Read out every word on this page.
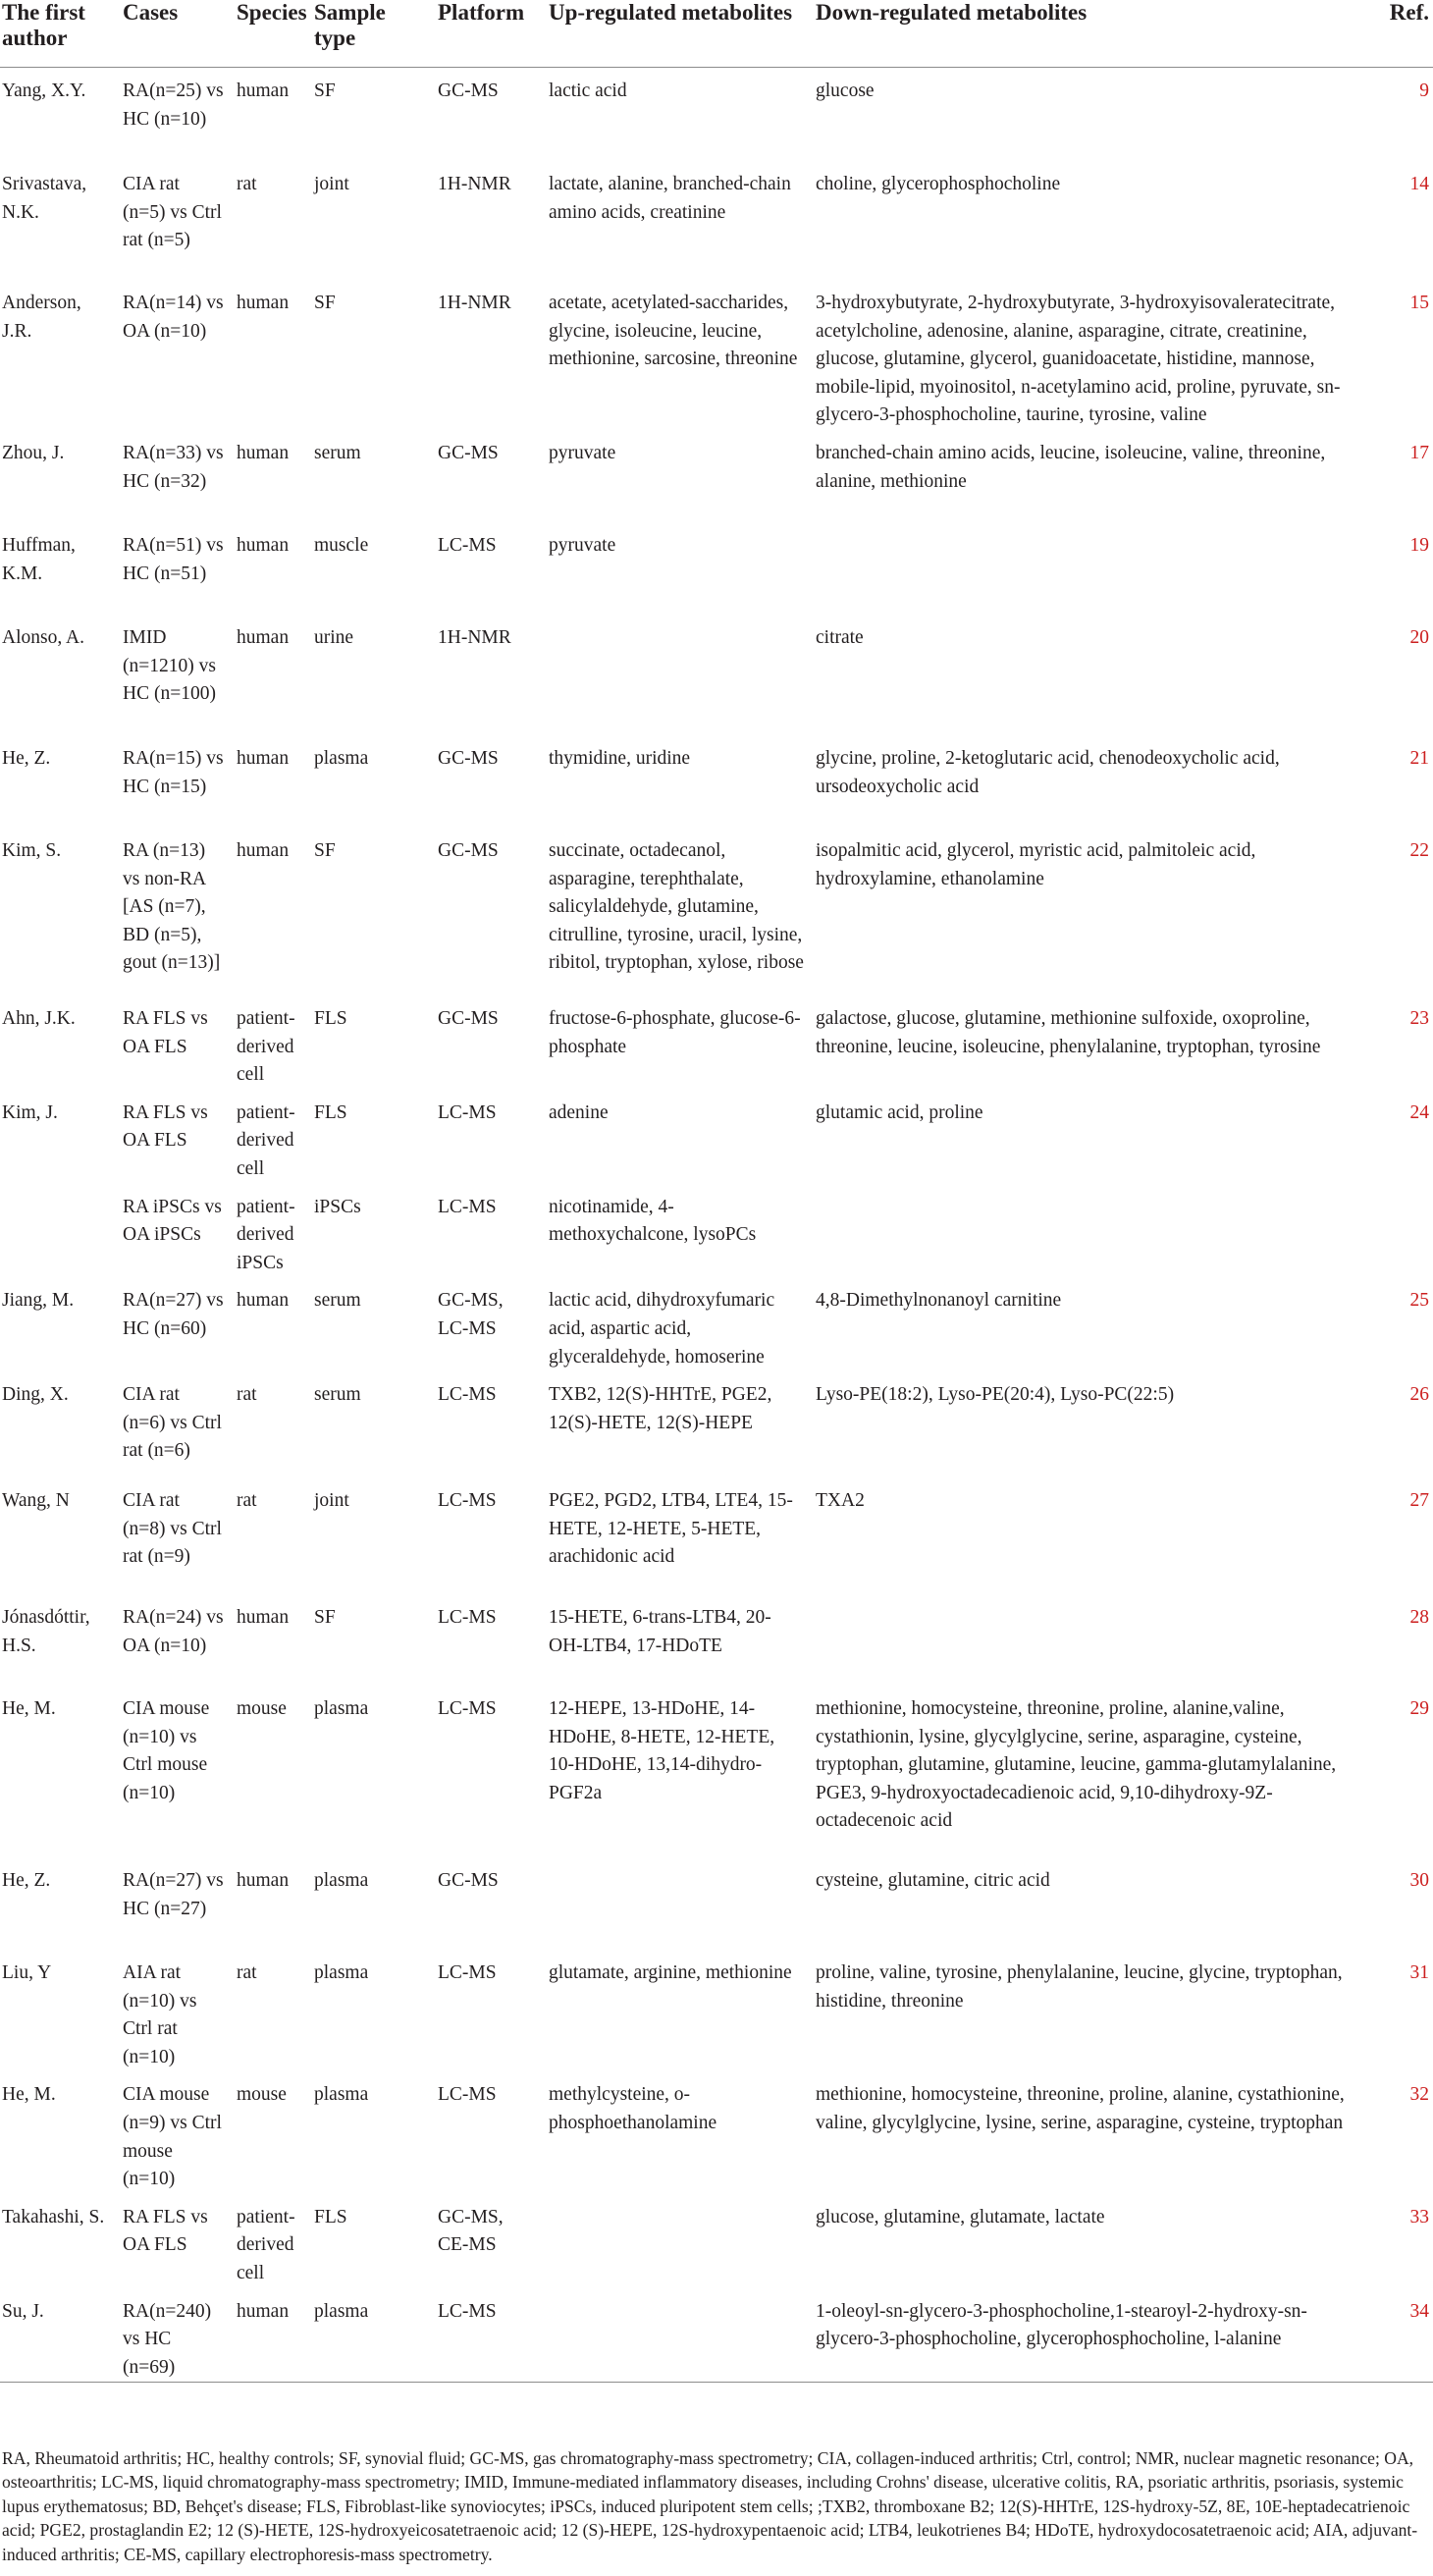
The first author	Cases	Species	Sample type	Platform	Up-regulated metabolites	Down-regulated metabolites	Ref.
Yang, X.Y.	RA(n=25) vs HC (n=10)	human	SF	GC-MS	lactic acid	glucose	9
Srivastava, N.K.	CIA rat (n=5) vs Ctrl rat (n=5)	rat	joint	1H-NMR	lactate, alanine, branched-chain amino acids, creatinine	choline, glycerophosphocholine	14
Anderson, J.R.	RA(n=14) vs OA (n=10)	human	SF	1H-NMR	acetate, acetylated-saccharides, glycine, isoleucine, leucine, methionine, sarcosine, threonine	3-hydroxybutyrate, 2-hydroxybutyrate, 3-hydroxyisovaleratecitrate, acetylcholine, adenosine, alanine, asparagine, citrate, creatinine, glucose, glutamine, glycerol, guanidoacetate, histidine, mannose, mobile-lipid, myoinositol, n-acetylamino acid, proline, pyruvate, sn-glycero-3-phosphocholine, taurine, tyrosine, valine	15
Zhou, J.	RA(n=33) vs HC (n=32)	human	serum	GC-MS	pyruvate	branched-chain amino acids, leucine, isoleucine, valine, threonine, alanine, methionine	17
Huffman, K.M.	RA(n=51) vs HC (n=51)	human	muscle	LC-MS	pyruvate		19
Alonso, A.	IMID (n=1210) vs HC (n=100)	human	urine	1H-NMR		citrate	20
He, Z.	RA(n=15) vs HC (n=15)	human	plasma	GC-MS	thymidine, uridine	glycine, proline, 2-ketoglutaric acid, chenodeoxycholic acid, ursodeoxycholic acid	21
Kim, S.	RA (n=13) vs non-RA [AS (n=7), BD (n=5), gout (n=13)]	human	SF	GC-MS	succinate, octadecanol, asparagine, terephthalate, salicylaldehyde, glutamine, citrulline, tyrosine, uracil, lysine, ribitol, tryptophan, xylose, ribose	isopalmitic acid, glycerol, myristic acid, palmitoleic acid, hydroxylamine, ethanolamine	22
Ahn, J.K.	RA FLS vs OA FLS	patient-derived cell	FLS	GC-MS	fructose-6-phosphate, glucose-6-phosphate	galactose, glucose, glutamine, methionine sulfoxide, oxoproline, threonine, leucine, isoleucine, phenylalanine, tryptophan, tyrosine	23
Kim, J.	RA FLS vs OA FLS	patient-derived cell	FLS	LC-MS	adenine	glutamic acid, proline	24
	RA iPSCs vs OA iPSCs	patient-derived iPSCs	iPSCs	LC-MS	nicotinamide, 4-methoxychalcone, lysoPCs		
Jiang, M.	RA(n=27) vs HC (n=60)	human	serum	GC-MS, LC-MS	lactic acid, dihydroxyfumaric acid, aspartic acid, glyceraldehyde, homoserine	4,8-Dimethylnonanoyl carnitine	25
Ding, X.	CIA rat (n=6) vs Ctrl rat (n=6)	rat	serum	LC-MS	TXB2, 12(S)-HHTrE, PGE2, 12(S)-HETE, 12(S)-HEPE	Lyso-PE(18:2), Lyso-PE(20:4), Lyso-PC(22:5)	26
Wang, N	CIA rat (n=8) vs Ctrl rat (n=9)	rat	joint	LC-MS	PGE2, PGD2, LTB4, LTE4, 15-HETE, 12-HETE, 5-HETE, arachidonic acid	TXA2	27
Jónasdóttir, H.S.	RA(n=24) vs OA (n=10)	human	SF	LC-MS	15-HETE, 6-trans-LTB4, 20-OH-LTB4, 17-HDoTE		28
He, M.	CIA mouse (n=10) vs Ctrl mouse (n=10)	mouse	plasma	LC-MS	12-HEPE, 13-HDoHE, 14-HDoHE, 8-HETE, 12-HETE, 10-HDoHE, 13,14-dihydro-PGF2a	methionine, homocysteine, threonine, proline, alanine,valine, cystathionin, lysine, glycylglycine, serine, asparagine, cysteine, tryptophan, glutamine, glutamine, leucine, gamma-glutamylalanine, PGE3, 9-hydroxyoctadecadienoic acid, 9,10-dihydroxy-9Z-octadecenoic acid	29
He, Z.	RA(n=27) vs HC (n=27)	human	plasma	GC-MS		cysteine, glutamine, citric acid	30
Liu, Y	AIA rat (n=10) vs Ctrl rat (n=10)	rat	plasma	LC-MS	glutamate, arginine, methionine	proline, valine, tyrosine, phenylalanine, leucine, glycine, tryptophan, histidine, threonine	31
He, M.	CIA mouse (n=9) vs Ctrl mouse (n=10)	mouse	plasma	LC-MS	methylcysteine, o-phosphoethanolamine	methionine, homocysteine, threonine, proline, alanine, cystathionine, valine, glycylglycine, lysine, serine, asparagine, cysteine, tryptophan	32
Takahashi, S.	RA FLS vs OA FLS	patient-derived cell	FLS	GC-MS, CE-MS		glucose, glutamine, glutamate, lactate	33
Su, J.	RA(n=240) vs HC (n=69)	human	plasma	LC-MS		1-oleoyl-sn-glycero-3-phosphocholine,1-stearoyl-2-hydroxy-sn-glycero-3-phosphocholine, glycerophosphocholine, l-alanine	34
RA, Rheumatoid arthritis; HC, healthy controls; SF, synovial fluid; GC-MS, gas chromatography-mass spectrometry; CIA, collagen-induced arthritis; Ctrl, control; NMR, nuclear magnetic resonance; OA, osteoarthritis; LC-MS, liquid chromatography-mass spectrometry; IMID, Immune-mediated inflammatory diseases, including Crohns' disease, ulcerative colitis, RA, psoriatic arthritis, psoriasis, systemic lupus erythematosus; BD, Behçet's disease; FLS, Fibroblast-like synoviocytes; iPSCs, induced pluripotent stem cells; ;TXB2, thromboxane B2; 12(S)-HHTrE, 12S-hydroxy-5Z, 8E, 10E-heptadecatrienoic acid; PGE2, prostaglandin E2; 12 (S)-HETE, 12S-hydroxyeicosatetraenoic acid; 12 (S)-HEPE, 12S-hydroxypentaenoic acid; LTB4, leukotrienes B4; HDoTE, hydroxydocosatetraenoic acid; AIA, adjuvant-induced arthritis; CE-MS, capillary electrophoresis-mass spectrometry.
